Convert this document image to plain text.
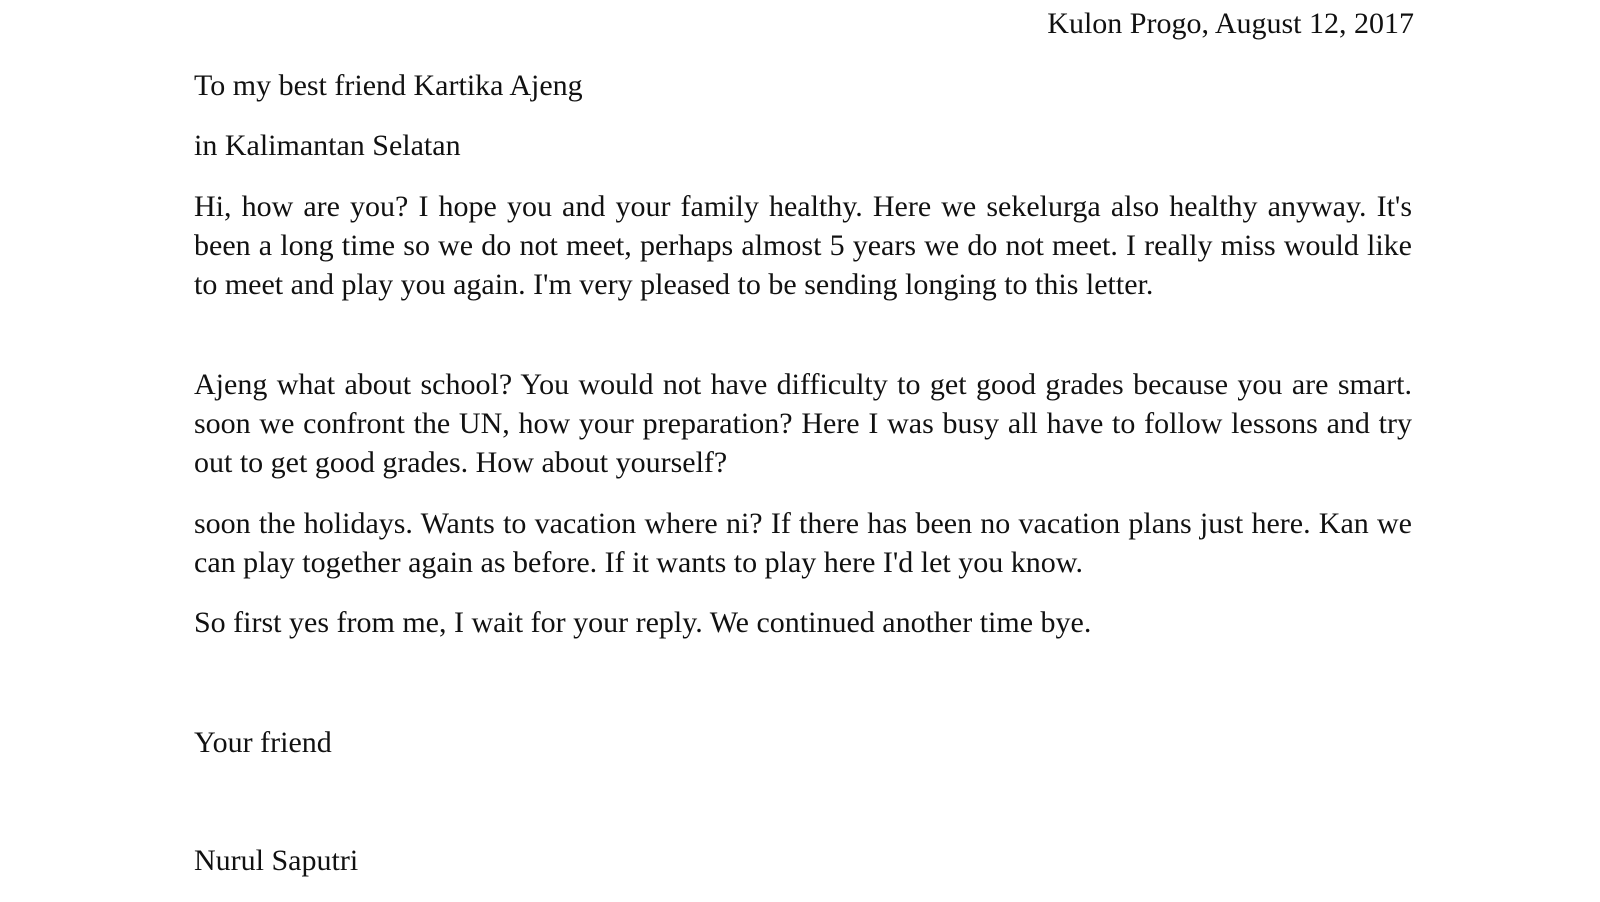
Kulon Progo, August 12, 2017

To my best friend Kartika Ajeng

in Kalimantan Selatan

Hi, how are you? I hope you and your family healthy. Here we sekelurga also healthy anyway. It's been a long time so we do not meet, perhaps almost 5 years we do not meet. I really miss would like to meet and play you again. I'm very pleased to be sending longing to this letter.

Ajeng what about school? You would not have difficulty to get good grades because you are smart. soon we confront the UN, how your preparation? Here I was busy all have to follow lessons and try out to get good grades. How about yourself?

soon the holidays. Wants to vacation where ni? If there has been no vacation plans just here. Kan we can play together again as before. If it wants to play here I'd let you know.

So first yes from me, I wait for your reply. We continued another time bye.

Your friend

Nurul Saputri
